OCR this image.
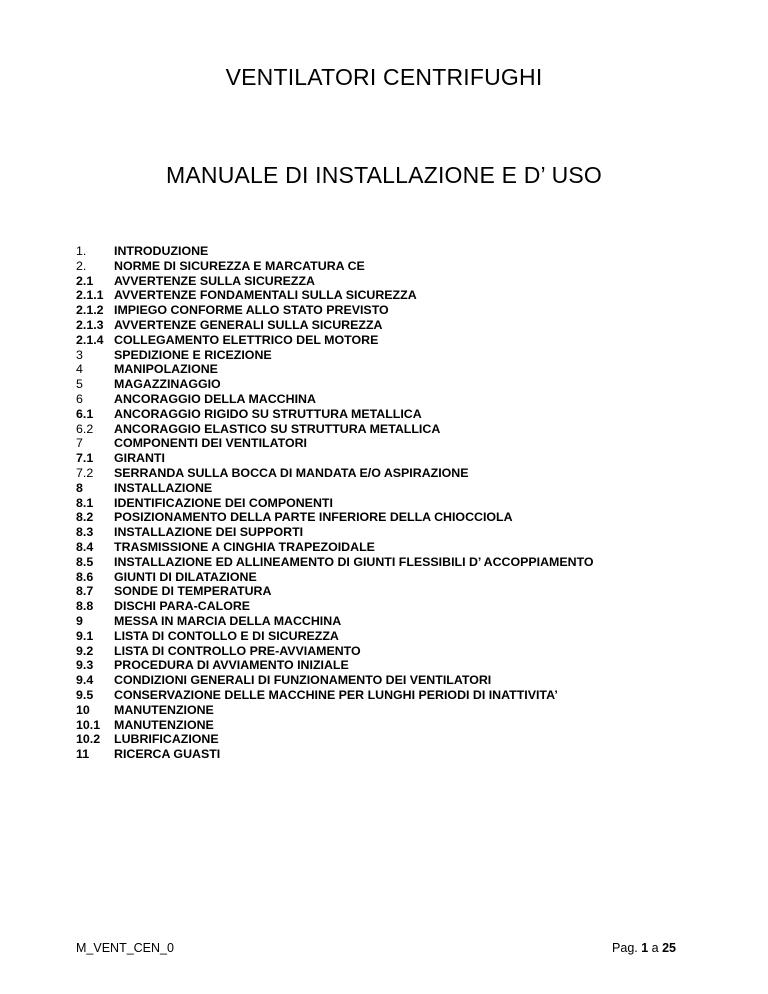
VENTILATORI CENTRIFUGHI
MANUALE DI INSTALLAZIONE E D’ USO
1.	INTRODUZIONE
2.	NORME DI SICUREZZA E MARCATURA CE
2.1	AVVERTENZE SULLA SICUREZZA
2.1.1 AVVERTENZE FONDAMENTALI SULLA SICUREZZA
2.1.2 IMPIEGO CONFORME ALLO STATO PREVISTO
2.1.3 AVVERTENZE GENERALI SULLA SICUREZZA
2.1.4 COLLEGAMENTO ELETTRICO DEL MOTORE
3	SPEDIZIONE E RICEZIONE
4	MANIPOLAZIONE
5	MAGAZZINAGGIO
6	ANCORAGGIO DELLA MACCHINA
6.1	ANCORAGGIO RIGIDO SU STRUTTURA METALLICA
6.2	ANCORAGGIO ELASTICO SU STRUTTURA METALLICA
7	COMPONENTI DEI VENTILATORI
7.1	GIRANTI
7.2	SERRANDA SULLA BOCCA DI MANDATA E/O ASPIRAZIONE
8	INSTALLAZIONE
8.1	IDENTIFICAZIONE DEI COMPONENTI
8.2	POSIZIONAMENTO DELLA PARTE INFERIORE DELLA CHIOCCIOLA
8.3	INSTALLAZIONE DEI SUPPORTI
8.4	TRASMISSIONE A CINGHIA TRAPEZOIDALE
8.5	INSTALLAZIONE ED ALLINEAMENTO DI GIUNTI FLESSIBILI D’ ACCOPPIAMENTO
8.6	GIUNTI DI DILATAZIONE
8.7	SONDE DI TEMPERATURA
8.8	DISCHI PARA-CALORE
9	MESSA IN MARCIA DELLA MACCHINA
9.1	LISTA DI CONTOLLO E DI SICUREZZA
9.2	LISTA DI CONTROLLO PRE-AVVIAMENTO
9.3	PROCEDURA DI AVVIAMENTO INIZIALE
9.4	CONDIZIONI GENERALI DI FUNZIONAMENTO DEI VENTILATORI
9.5	CONSERVAZIONE DELLE MACCHINE PER LUNGHI PERIODI DI INATTIVITA’
10	MANUTENZIONE
10.1	MANUTENZIONE
10.2	LUBRIFICAZIONE
11	RICERCA GUASTI
M_VENT_CEN_0	Pag. 1 a 25
